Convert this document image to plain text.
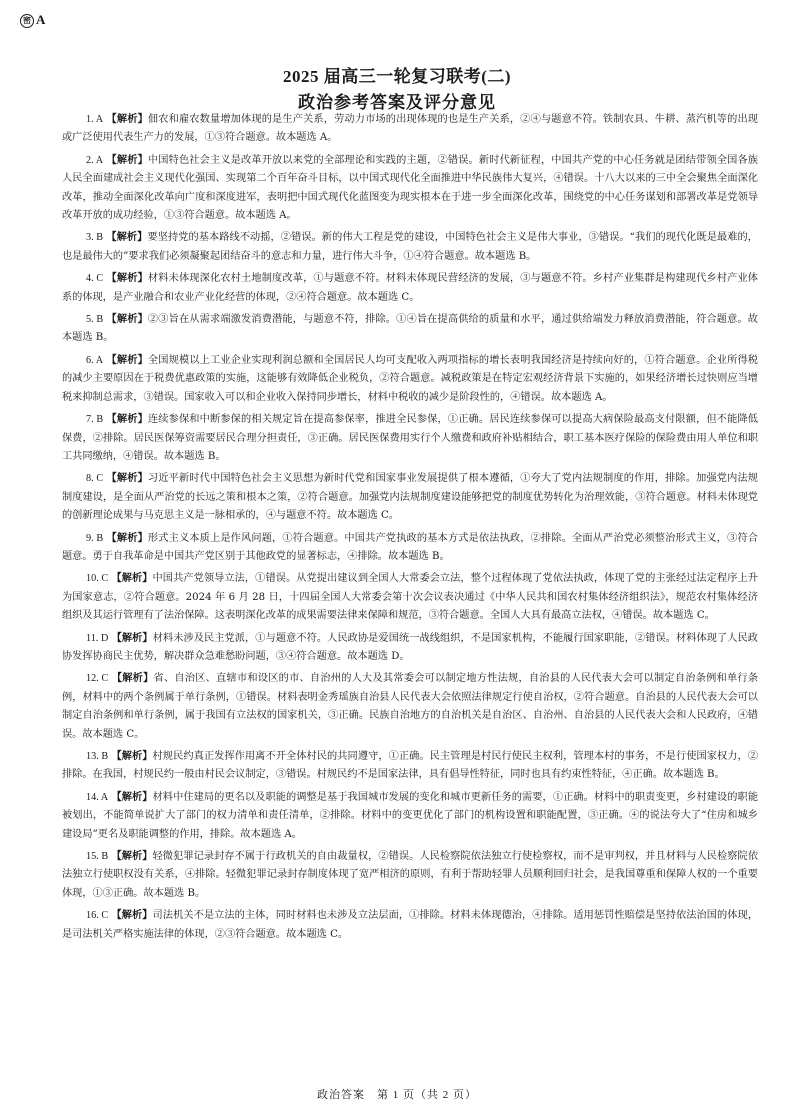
密 A
2025 届高三一轮复习联考(二)
政治参考答案及评分意见

1. A 【解析】佃农和雇农数量增加体现的是生产关系，劳动力市场的出现体现的也是生产关系，②④与题意不符。铁制农具、牛耕、蒸汽机等的出现或广泛使用代表生产力的发展，①③符合题意。故本题选 A。

2. A 【解析】中国特色社会主义是改革开放以来党的全部理论和实践的主题，②错误。新时代新征程，中国共产党的中心任务就是团结带领全国各族人民全面建成社会主义现代化强国、实现第二个百年奋斗目标，以中国式现代化全面推进中华民族伟大复兴，④错误。十八大以来的三中全会聚焦全面深化改革，推动全面深化改革向广度和深度进军，表明把中国式现代化蓝图变为现实根本在于进一步全面深化改革，围绕党的中心任务谋划和部署改革是党领导改革开放的成功经验，①③符合题意。故本题选 A。

3. B 【解析】要坚持党的基本路线不动摇，②错误。新的伟大工程是党的建设，中国特色社会主义是伟大事业，③错误。“我们的现代化既是最难的，也是最伟大的”要求我们必须凝聚起团结奋斗的意志和力量，进行伟大斗争，①④符合题意。故本题选 B。

4. C 【解析】材料未体现深化农村土地制度改革，①与题意不符。材料未体现民营经济的发展，③与题意不符。乡村产业集群是构建现代乡村产业体系的体现，是产业融合和农业产业化经营的体现，②④符合题意。故本题选 C。

5. B 【解析】②③旨在从需求端激发消费潜能，与题意不符，排除。①④旨在提高供给的质量和水平，通过供给端发力释放消费潜能，符合题意。故本题选 B。

6. A 【解析】全国规模以上工业企业实现利润总额和全国居民人均可支配收入两项指标的增长表明我国经济是持续向好的，①符合题意。企业所得税的减少主要原因在于税费优惠政策的实施，这能够有效降低企业税负，②符合题意。减税政策是在特定宏观经济背景下实施的，如果经济增长过快则应当增税来抑制总需求，③错误。国家收入可以和企业收入保持同步增长，材料中税收的减少是阶段性的，④错误。故本题选 A。

7. B 【解析】连续参保和中断参保的相关规定旨在提高参保率，推进全民参保，①正确。居民连续参保可以提高大病保险最高支付限额，但不能降低保费，②排除。居民医保筹资需要居民合理分担责任，③正确。居民医保费用实行个人缴费和政府补贴相结合，职工基本医疗保险的保险费由用人单位和职工共同缴纳，④错误。故本题选 B。

8. C 【解析】习近平新时代中国特色社会主义思想为新时代党和国家事业发展提供了根本遵循，①夸大了党内法规制度的作用，排除。加强党内法规制度建设，是全面从严治党的长远之策和根本之策，②符合题意。加强党内法规制度建设能够把党的制度优势转化为治理效能，③符合题意。材料未体现党的创新理论成果与马克思主义是一脉相承的，④与题意不符。故本题选 C。

9. B 【解析】形式主义本质上是作风问题，①符合题意。中国共产党执政的基本方式是依法执政，②排除。全面从严治党必须整治形式主义，③符合题意。勇于自我革命是中国共产党区别于其他政党的显著标志，④排除。故本题选 B。

10. C 【解析】中国共产党领导立法，①错误。从党提出建议到全国人大常委会立法，整个过程体现了党依法执政，体现了党的主张经过法定程序上升为国家意志，②符合题意。2024 年 6 月 28 日，十四届全国人大常委会第十次会议表决通过《中华人民共和国农村集体经济组织法》，规范农村集体经济组织及其运行管理有了法治保障。这表明深化改革的成果需要法律来保障和规范，③符合题意。全国人大具有最高立法权，④错误。故本题选 C。

11. D 【解析】材料未涉及民主党派，①与题意不符。人民政协是爱国统一战线组织，不是国家机构，不能履行国家职能，②错误。材料体现了人民政协发挥协商民主优势，解决群众急难愁盼问题，③④符合题意。故本题选 D。

12. C 【解析】省、自治区、直辖市和设区的市、自治州的人大及其常委会可以制定地方性法规，自治县的人民代表大会可以制定自治条例和单行条例，材料中的两个条例属于单行条例，①错误。材料表明金秀瑶族自治县人民代表大会依照法律规定行使自治权，②符合题意。自治县的人民代表大会可以制定自治条例和单行条例，属于我国有立法权的国家机关，③正确。民族自治地方的自治机关是自治区、自治州、自治县的人民代表大会和人民政府，④错误。故本题选 C。

13. B 【解析】村规民约真正发挥作用离不开全体村民的共同遵守，①正确。民主管理是村民行使民主权利，管理本村的事务，不是行使国家权力，②排除。在我国，村规民约一般由村民会议制定，③错误。村规民约不是国家法律，具有倡导性特征，同时也具有约束性特征，④正确。故本题选 B。

14. A 【解析】材料中住建局的更名以及职能的调整是基于我国城市发展的变化和城市更新任务的需要，①正确。材料中的职责变更，乡村建设的职能被划出，不能简单说扩大了部门的权力清单和责任清单，②排除。材料中的变更优化了部门的机构设置和职能配置，③正确。④的说法夸大了“住房和城乡建设局”更名及职能调整的作用，排除。故本题选 A。

15. B 【解析】轻微犯罪记录封存不属于行政机关的自由裁量权，②错误。人民检察院依法独立行使检察权，而不是审判权，并且材料与人民检察院依法独立行使职权没有关系，④排除。轻微犯罪记录封存制度体现了宽严相济的原则，有利于帮助轻罪人员顺利回归社会，是我国尊重和保障人权的一个重要体现，①③正确。故本题选 B。

16. C 【解析】司法机关不是立法的主体，同时材料也未涉及立法层面，①排除。材料未体现德治，④排除。适用惩罚性赔偿是坚持依法治国的体现，是司法机关严格实施法律的体现，②③符合题意。故本题选 C。

政治答案　第 1 页（共 2 页）
